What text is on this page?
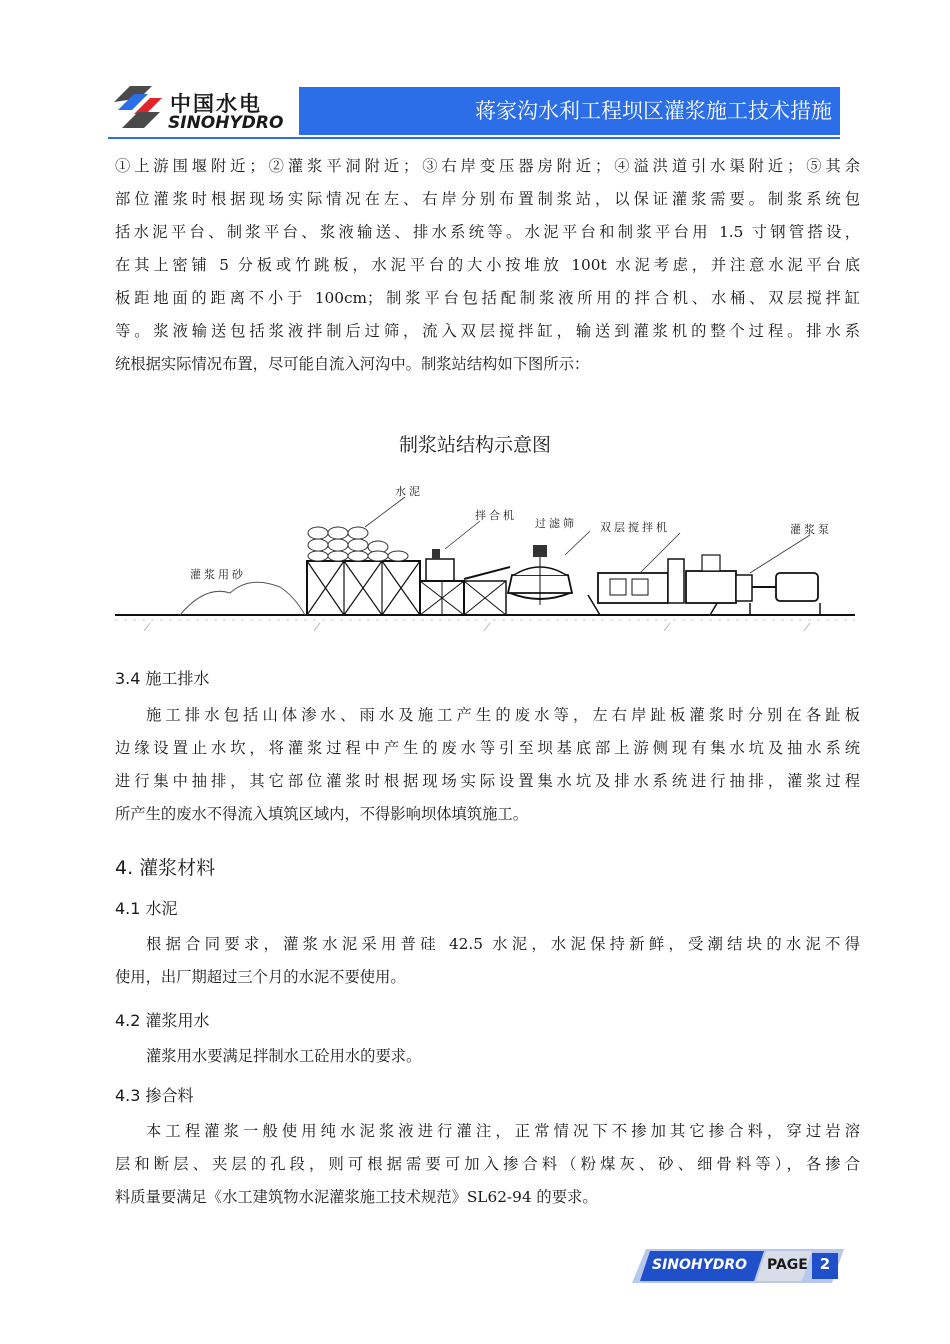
中国水电
SINOHYDRO	蒋家沟水利工程坝区灌浆施工技术措施
①上游围堰附近；②灌浆平洞附近；③右岸变压器房附近；④溢洪道引水渠附近；⑤其余
部位灌浆时根据现场实际情况在左、右岸分别布置制浆站，以保证灌浆需要。制浆系统包
括水泥平台、制浆平台、浆液输送、排水系统等。水泥平台和制浆平台用 1.5 寸钢管搭设，
在其上密铺 5 分板或竹跳板，水泥平台的大小按堆放 100t 水泥考虑，并注意水泥平台底
板距地面的距离不小于 100cm；制浆平台包括配制浆液所用的拌合机、水桶、双层搅拌缸
等。浆液输送包括浆液拌制后过筛，流入双层搅拌缸，输送到灌浆机的整个过程。排水系
统根据实际情况布置，尽可能自流入河沟中。制浆站结构如下图所示：
制浆站结构示意图
灌浆用砂
水泥
拌合机
过滤筛 双层搅拌机	灌浆泵
3.4 施工排水
施工排水包括山体渗水、雨水及施工产生的废水等，左右岸趾板灌浆时分别在各趾板
边缘设置止水坎，将灌浆过程中产生的废水等引至坝基底部上游侧现有集水坑及抽水系统
进行集中抽排，其它部位灌浆时根据现场实际设置集水坑及排水系统进行抽排，灌浆过程
所产生的废水不得流入填筑区域内，不得影响坝体填筑施工。
4. 灌浆材料
4.1 水泥
根据合同要求，灌浆水泥采用普硅 42.5 水泥，水泥保持新鲜，受潮结块的水泥不得
使用，出厂期超过三个月的水泥不要使用。
4.2 灌浆用水
灌浆用水要满足拌制水工砼用水的要求。
4.3 掺合料
本工程灌浆一般使用纯水泥浆液进行灌注，正常情况下不掺加其它掺合料，穿过岩溶
层和断层、夹层的孔段，则可根据需要可加入掺合料（粉煤灰、砂、细骨料等），各掺合
料质量要满足《水工建筑物水泥灌浆施工技术规范》SL62-94 的要求。
SINOHYDRO PAGE 2
